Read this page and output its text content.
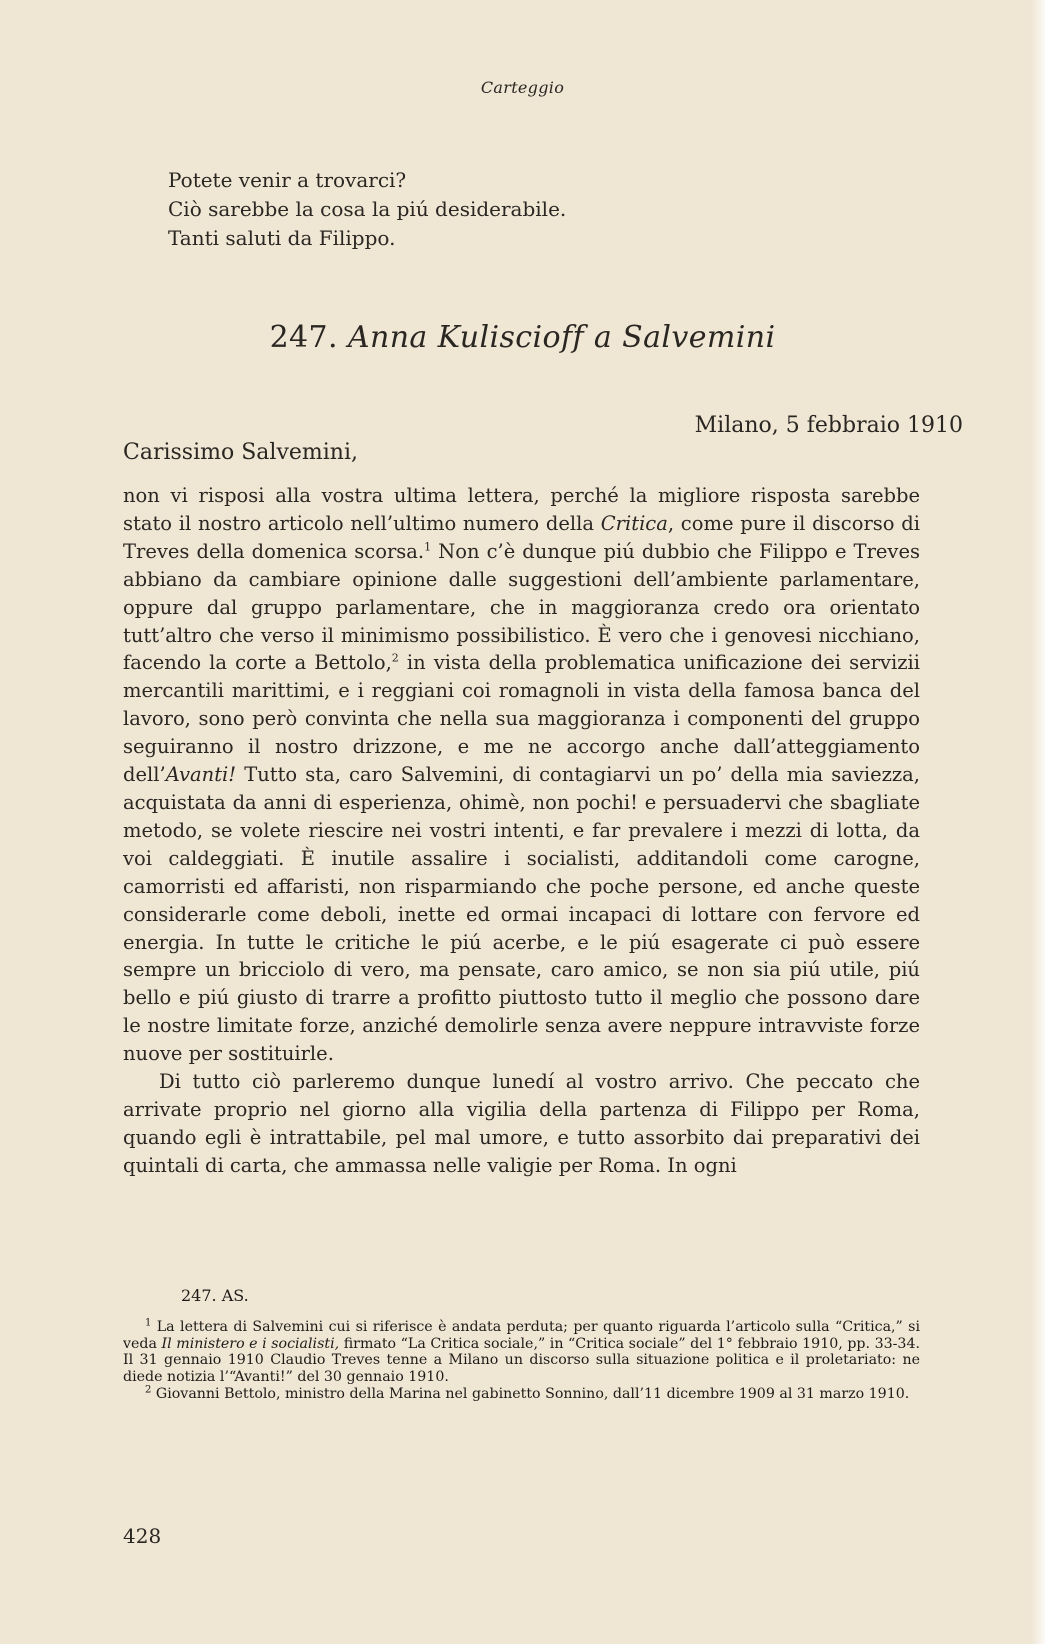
Carteggio
Potete venir a trovarci?
Ciò sarebbe la cosa la piú desiderabile.
Tanti saluti da Filippo.
247. Anna Kuliscioff a Salvemini
Milano, 5 febbraio 1910
Carissimo Salvemini,

non vi risposi alla vostra ultima lettera, perché la migliore risposta sarebbe stato il nostro articolo nell’ultimo numero della Critica, come pure il discorso di Treves della domenica scorsa.$^1$ Non c’è dunque piú dubbio che Filippo e Treves abbiano da cambiare opinione dalle suggestioni dell’ambiente parlamentare, oppure dal gruppo parlamentare, che in maggioranza credo ora orientato tutt’altro che verso il minimismo possibilistico. È vero che i genovesi nicchiano, facendo la corte a Bettolo,$^2$ in vista della problematica unificazione dei servizii mercantili marittimi, e i reggiani coi romagnoli in vista della famosa banca del lavoro, sono però convinta che nella sua maggioranza i componenti del gruppo seguiranno il nostro drizzone, e me ne accorgo anche dall’atteggiamento dell’Avanti! Tutto sta, caro Salvemini, di contagiarvi un po’ della mia saviezza, acquistata da anni di esperienza, ohimè, non pochi! e persuadervi che sbagliate metodo, se volete riescire nei vostri intenti, e far prevalere i mezzi di lotta, da voi caldeggiati. È inutile assalire i socialisti, additandoli come carogne, camorristi ed affaristi, non risparmiando che poche persone, ed anche queste considerarle come deboli, inette ed ormai incapaci di lottare con fervore ed energia. In tutte le critiche le piú acerbe, e le piú esagerate ci può essere sempre un bricciolo di vero, ma pensate, caro amico, se non sia piú utile, piú bello e piú giusto di trarre a profitto piuttosto tutto il meglio che possono dare le nostre limitate forze, anziché demolirle senza avere neppure intravviste forze nuove per sostituirle.

Di tutto ciò parleremo dunque lunedí al vostro arrivo. Che peccato che arrivate proprio nel giorno alla vigilia della partenza di Filippo per Roma, quando egli è intrattabile, pel mal umore, e tutto assorbito dai preparativi dei quintali di carta, che ammassa nelle valigie per Roma. In ogni

247. AS.

$^1$ La lettera di Salvemini cui si riferisce è andata perduta; per quanto riguarda l’articolo sulla “Critica,” si veda Il ministero e i socialisti, firmato “La Critica sociale,” in “Critica sociale” del 1° febbraio 1910, pp. 33-34. Il 31 gennaio 1910 Claudio Treves tenne a Milano un discorso sulla situazione politica e il proletariato: ne diede notizia l’“Avanti!” del 30 gennaio 1910.

$^2$ Giovanni Bettolo, ministro della Marina nel gabinetto Sonnino, dall’11 dicembre 1909 al 31 marzo 1910.

428
